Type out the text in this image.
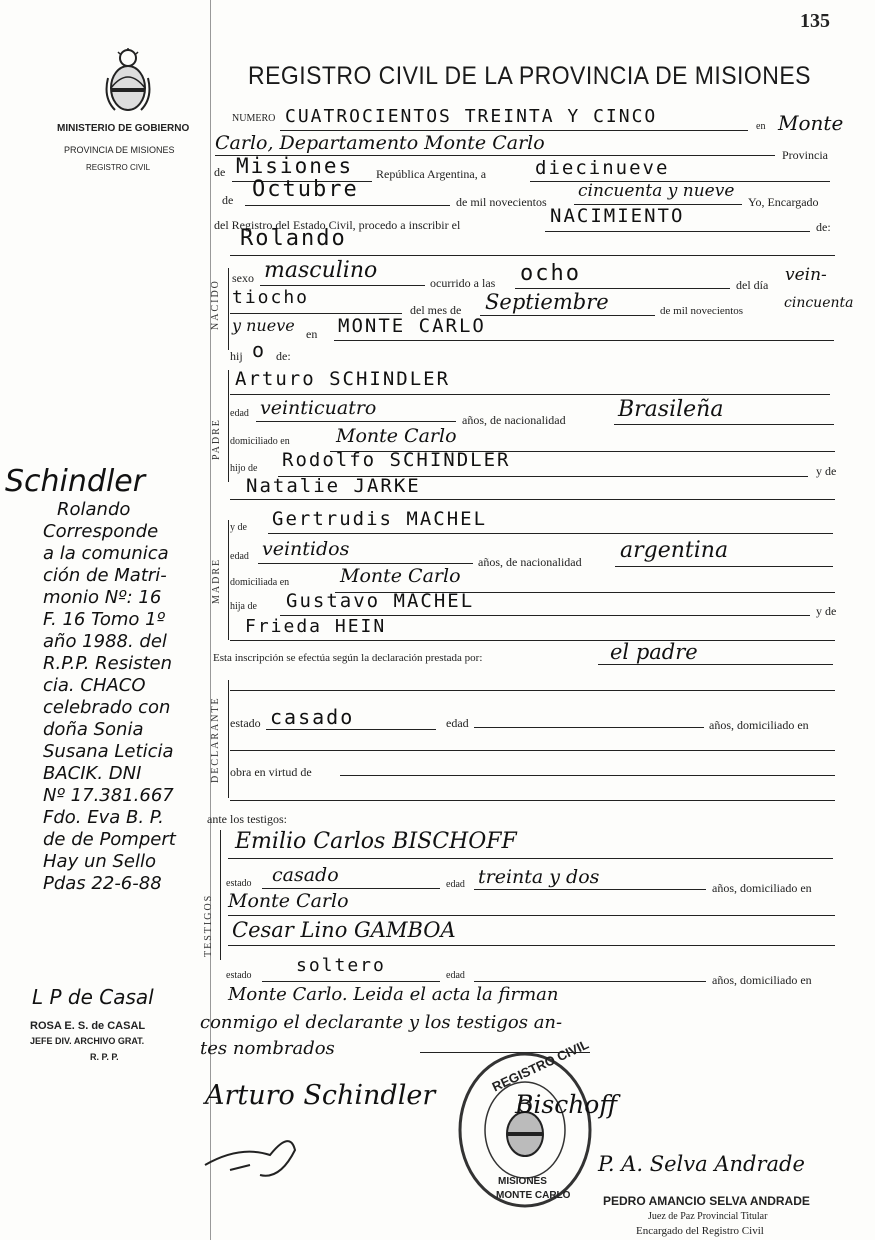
135
MINISTERIO DE GOBIERNO
PROVINCIA DE MISIONES
REGISTRO CIVIL
REGISTRO CIVIL DE LA PROVINCIA DE MISIONES
NUMERO CUATROCIENTOS TREINTA Y CINCO	en Monte
Carlo, Departamento Monte Carlo
Provincia
de Misiones República Argentina, a	diecinueve
de Octubre	de mil novecientos
cincuenta y nueve
Yo, Encargado
del Registro del Estado Civil, procedo a inscribir el	NACIMIENTO	de:
NACIDO
Rolando
sexo masculino	ocurrido a las ocho	del día vein-
tiocho
del mes de Septiembre	de mil novecientos	cincuenta
y nueve en MONTE CARLO
hij o de:
PADRE
Arturo SCHINDLER
edad veinticuatro
años, de nacionalidad Brasileña
domiciliado en Monte Carlo
hijo de Rodolfo SCHINDLER	y de
Natalie JARKE
MADRE
y de Gertrudis MACHEL
edad veintidos
años, de nacionalidad argentina
domiciliada en	Monte Carlo
hija de Gustavo MACHEL	y de
Frieda HEIN
Esta inscripción se efectúa según la declaración prestada por:	el padre
DECLARANTE estado casado	edad	años, domiciliado en
obra en virtud de
ante los testigos:
TESTIGOS
Emilio Carlos BISCHOFF
estado casado	edad treinta y dos	años, domiciliado en
Monte Carlo
Cesar Lino GAMBOA
estado soltero	edad	años, domiciliado en
Monte Carlo. Leida el acta la firman
conmigo el declarante y los testigos an-
tes nombrados
Schindler
Rolando
Corresponde
a la comunica
ción de Matri-
monio Nº: 16
F. 16 Tomo 1º
año 1988. del
R.P.P. Resisten
cia. CHACO
celebrado con
doña Sonia
Susana Leticia
BACIK. DNI
Nº 17.381.667
Fdo. Eva B. P.
de de Pompert
Hay un Sello
Pdas 22-6-88
L P de Casal
ROSA E. S. de CASAL
JEFE DIV. ARCHIVO GRAT.
R. P. P.
Arturo Schindler
REGISTRO CIVIL
MISIONES
MONTE CARLO
Bischoff
P. A. Selva Andrade
PEDRO AMANCIO SELVA ANDRADE
Juez de Paz Provincial Titular
Encargado del Registro Civil
